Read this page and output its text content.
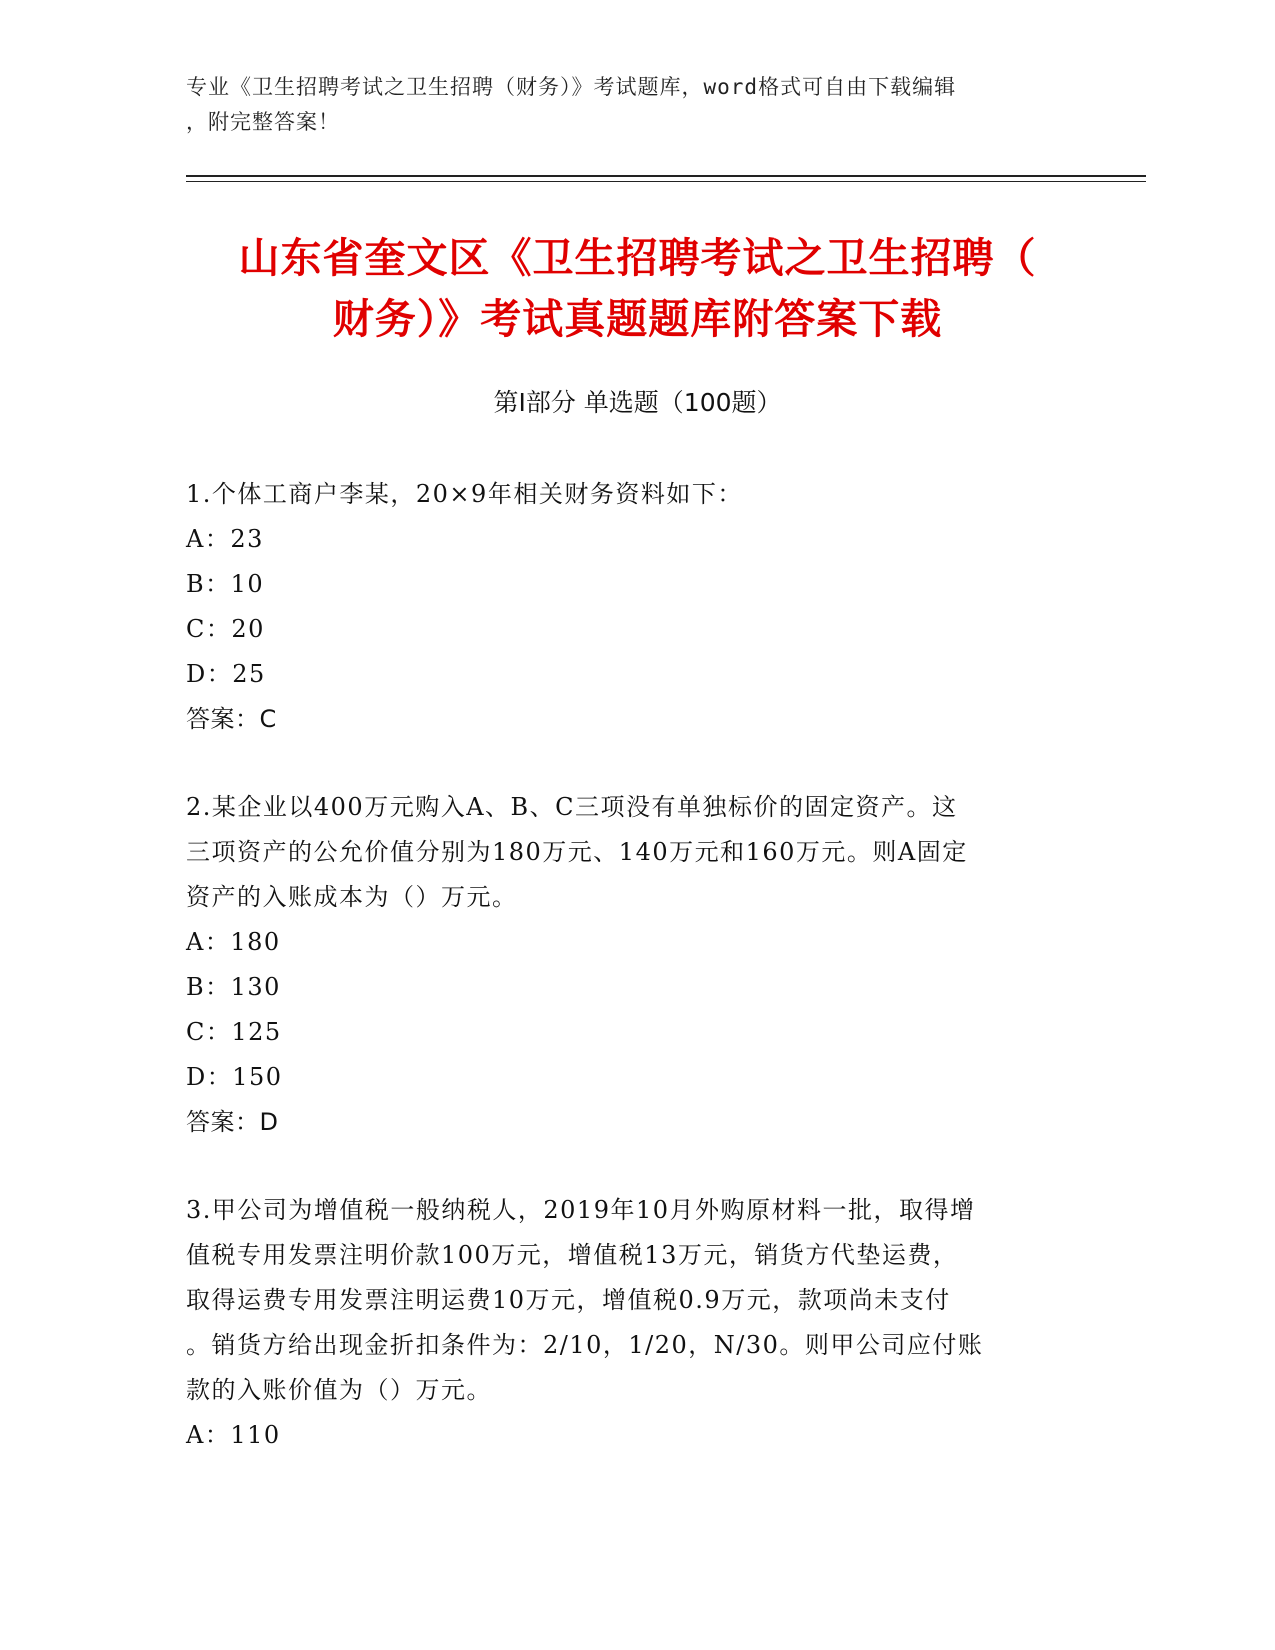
专业《卫生招聘考试之卫生招聘（财务）》考试题库，word格式可自由下载编辑
，附完整答案！
山东省奎文区《卫生招聘考试之卫生招聘（
财务）》考试真题题库附答案下载
第Ⅰ部分 单选题（100题）

1.个体工商户李某，20×9年相关财务资料如下：

A：23

B：10

C：20

D：25

答案：C

2.某企业以400万元购入A、B、C三项没有单独标价的固定资产。这

三项资产的公允价值分别为180万元、140万元和160万元。则A固定

资产的入账成本为（）万元。

A：180

B：130

C：125

D：150

答案：D

3.甲公司为增值税一般纳税人，2019年10月外购原材料一批，取得增

值税专用发票注明价款100万元，增值税13万元，销货方代垫运费，

取得运费专用发票注明运费10万元，增值税0.9万元，款项尚未支付

。销货方给出现金折扣条件为：2/10，1/20，N/30。则甲公司应付账

款的入账价值为（）万元。

A：110
